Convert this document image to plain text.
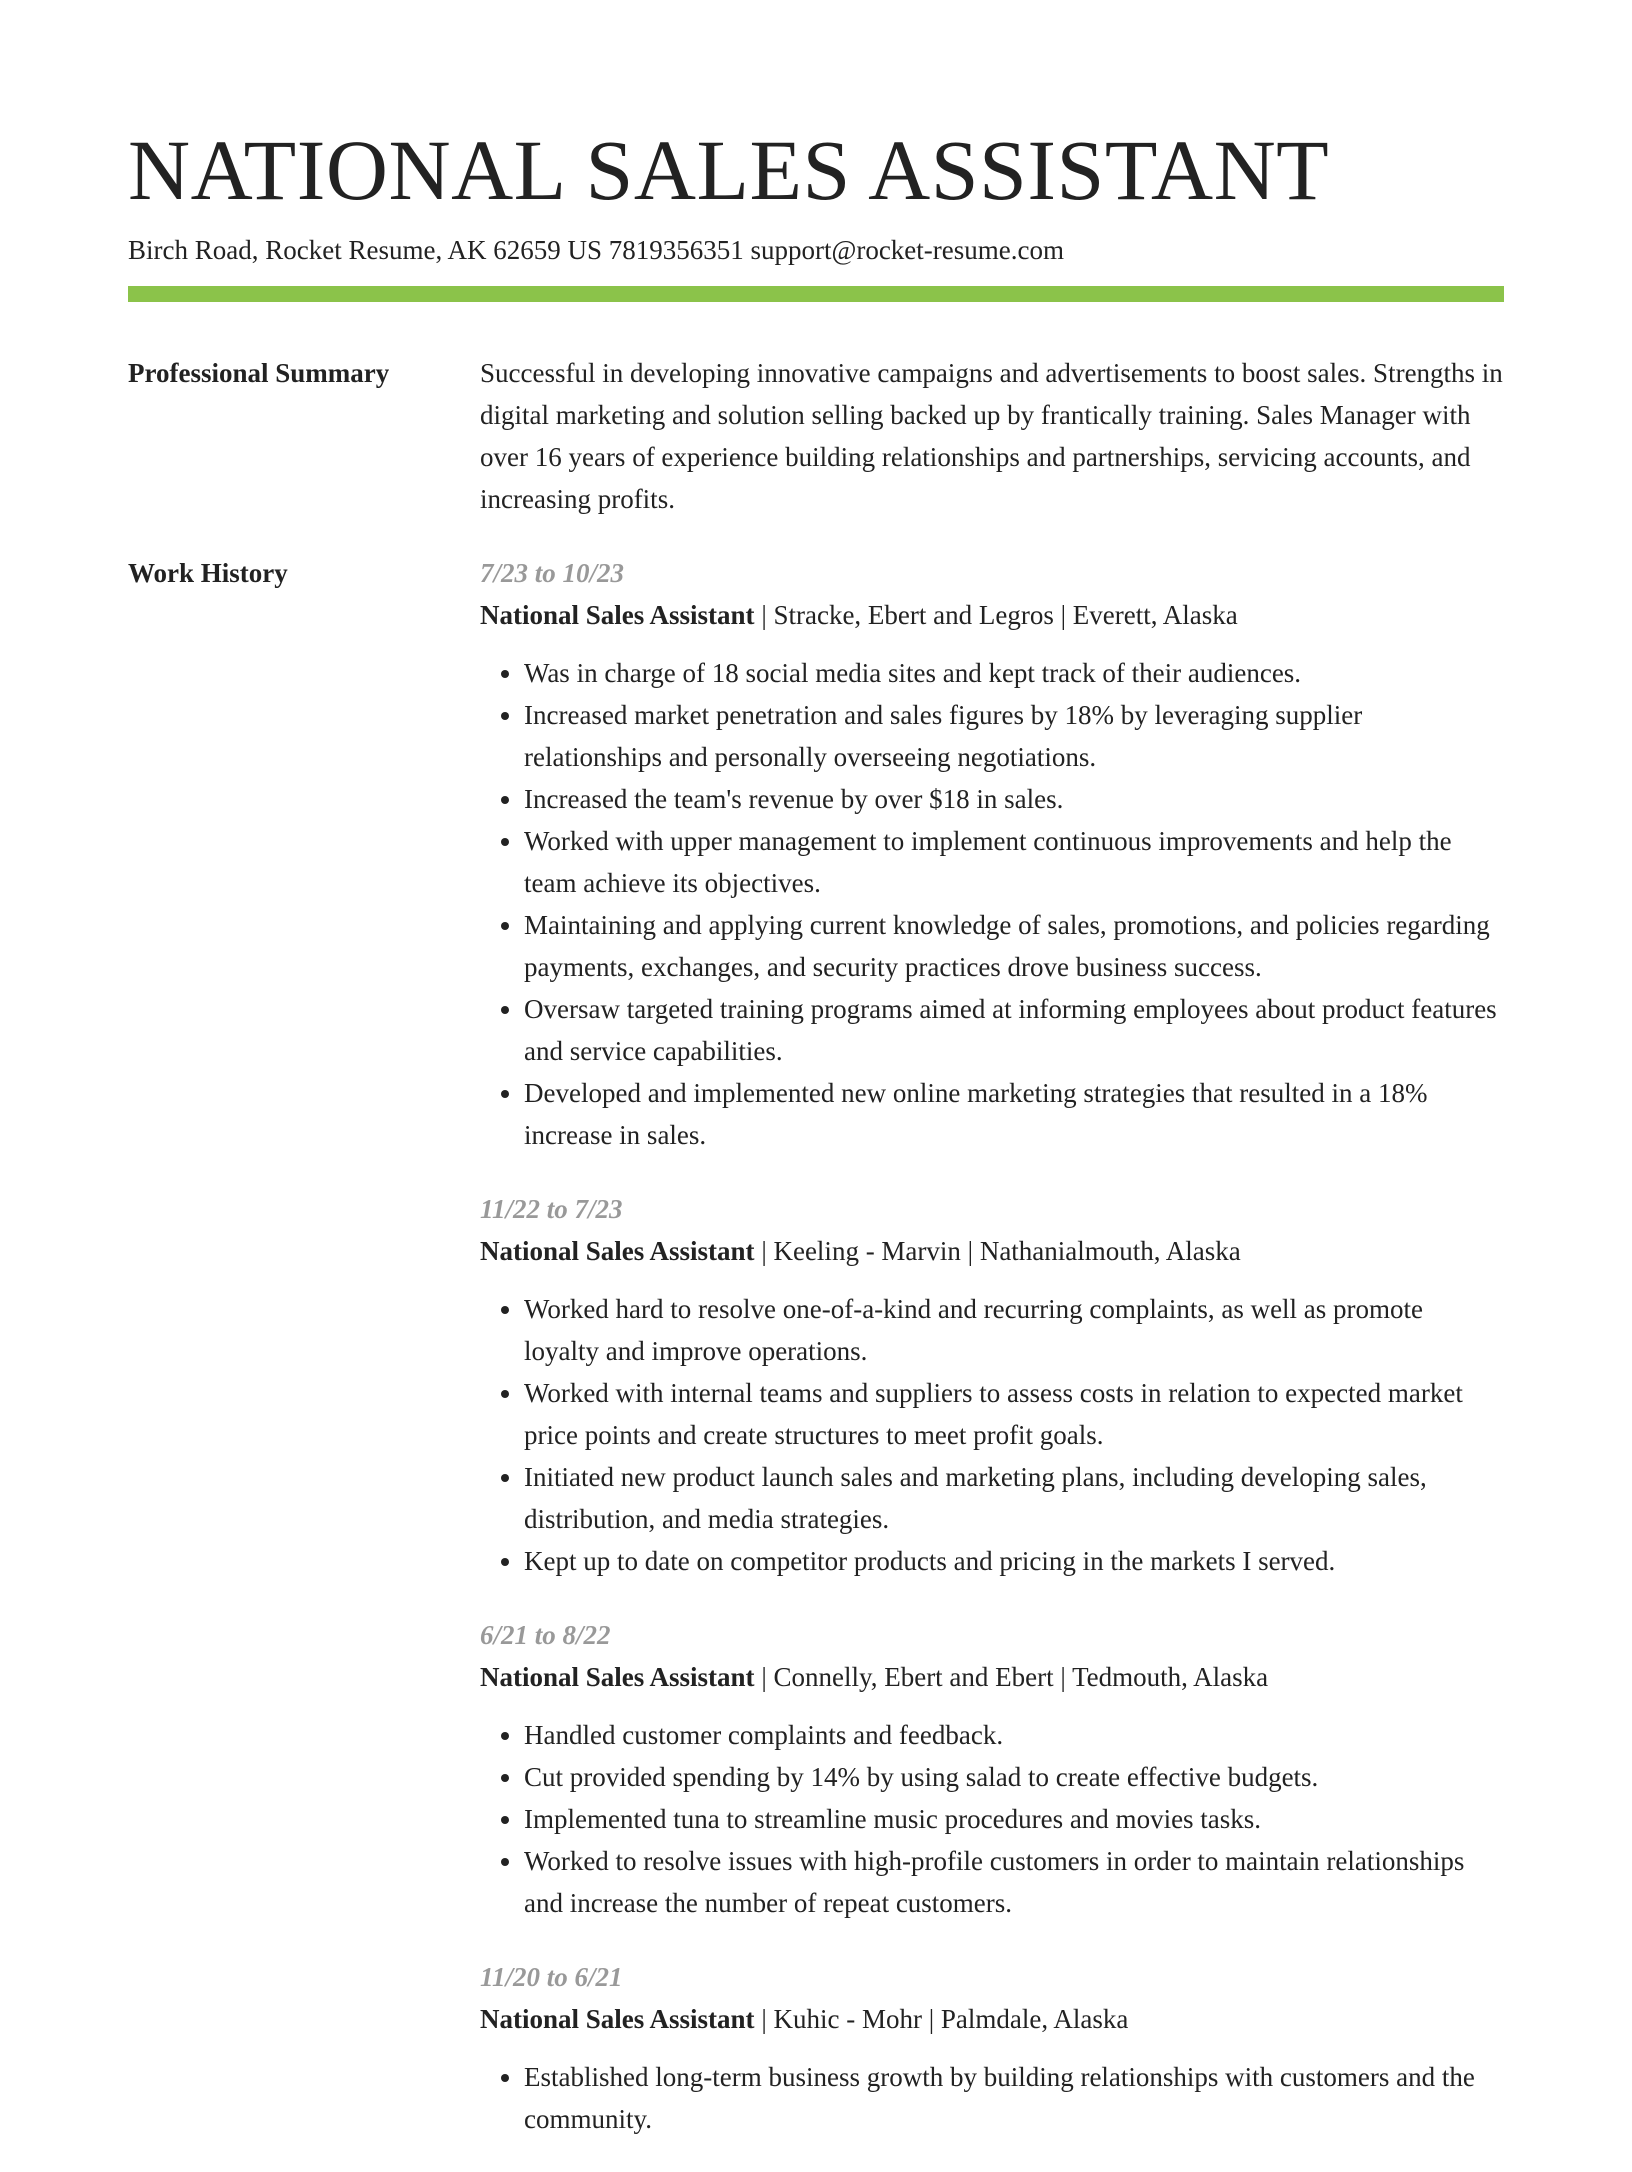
NATIONAL SALES ASSISTANT
Birch Road, Rocket Resume, AK 62659 US 7819356351 support@rocket-resume.com
Professional Summary	Successful in developing innovative campaigns and advertisements to boost sales. Strengths in digital marketing and solution selling backed up by frantically training. Sales Manager with over 16 years of experience building relationships and partnerships, servicing accounts, and increasing profits.

Work History	7/23 to 10/23
National Sales Assistant | Stracke, Ebert and Legros | Everett, Alaska
• Was in charge of 18 social media sites and kept track of their audiences.
• Increased market penetration and sales figures by 18% by leveraging supplier relationships and personally overseeing negotiations.
• Increased the team's revenue by over $18 in sales.
• Worked with upper management to implement continuous improvements and help the team achieve its objectives.
• Maintaining and applying current knowledge of sales, promotions, and policies regarding payments, exchanges, and security practices drove business success.
• Oversaw targeted training programs aimed at informing employees about product features and service capabilities.
• Developed and implemented new online marketing strategies that resulted in a 18% increase in sales.
11/22 to 7/23
National Sales Assistant | Keeling - Marvin | Nathanialmouth, Alaska
• Worked hard to resolve one-of-a-kind and recurring complaints, as well as promote loyalty and improve operations.
• Worked with internal teams and suppliers to assess costs in relation to expected market price points and create structures to meet profit goals.
• Initiated new product launch sales and marketing plans, including developing sales, distribution, and media strategies.
• Kept up to date on competitor products and pricing in the markets I served.
6/21 to 8/22
National Sales Assistant | Connelly, Ebert and Ebert | Tedmouth, Alaska
• Handled customer complaints and feedback.
• Cut provided spending by 14% by using salad to create effective budgets.
• Implemented tuna to streamline music procedures and movies tasks.
• Worked to resolve issues with high-profile customers in order to maintain relationships and increase the number of repeat customers.
11/20 to 6/21
National Sales Assistant | Kuhic - Mohr | Palmdale, Alaska
• Established long-term business growth by building relationships with customers and the community.
